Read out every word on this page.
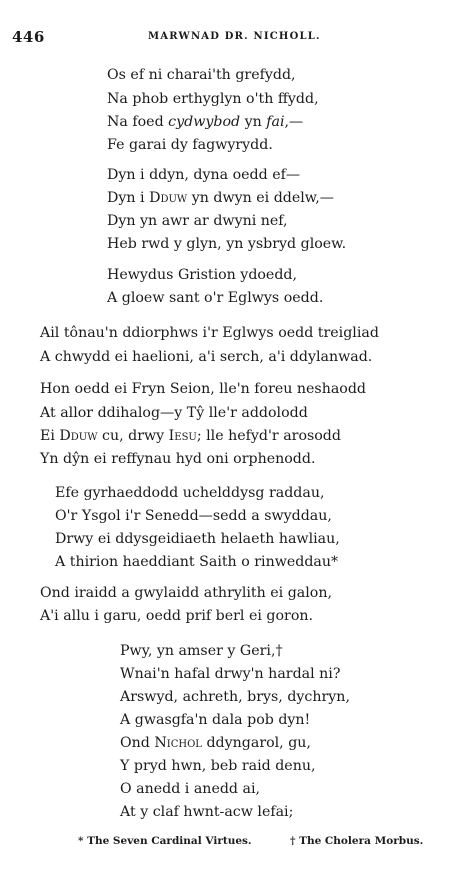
446	MARWNAD DR. NICHOLL.
Os ef ni charai'th grefydd,
Na phob erthyglyn o'th ffydd,
Na foed cydwybod yn fai,—
Fe garai dy fagwyrydd.
Dyn i ddyn, dyna oedd ef—
Dyn i Dduw yn dwyn ei ddelw,—
Dyn yn awr ar dwyni nef,
Heb rwd y glyn, yn ysbryd gloew.
Hewydus Gristion ydoedd,
A gloew sant o'r Eglwys oedd.
Ail tônau'n ddiorphws i'r Eglwys oedd treigliad
A chwydd ei haelioni, a'i serch, a'i ddylanwad.
Hon oedd ei Fryn Seion, lle'n foreu neshaodd
At allor ddihalog—y Tŷ lle'r addolodd
Ei Dduw cu, drwy Iesu; lle hefyd'r arosodd
Yn dŷn ei reffynau hyd oni orphenodd.
Efe gyrhaeddodd uchelddysg raddau,
O'r Ysgol i'r Senedd—sedd a swyddau,
Drwy ei ddysgeidiaeth helaeth hawliau,
A thirion haeddiant Saith o rinweddau*
Ond iraidd a gwylaidd athrylith ei galon,
A'i allu i garu, oedd prif berl ei goron.
Pwy, yn amser y Geri,†
Wnai'n hafal drwy'n hardal ni?
Arswyd, achreth, brys, dychryn,
A gwasgfa'n dala pob dyn!
Ond Nichol ddyngarol, gu,
Y pryd hwn, beb raid denu,
O anedd i anedd ai,
At y claf hwnt-acw lefai;
* The Seven Cardinal Virtues.	† The Cholera Morbus.
